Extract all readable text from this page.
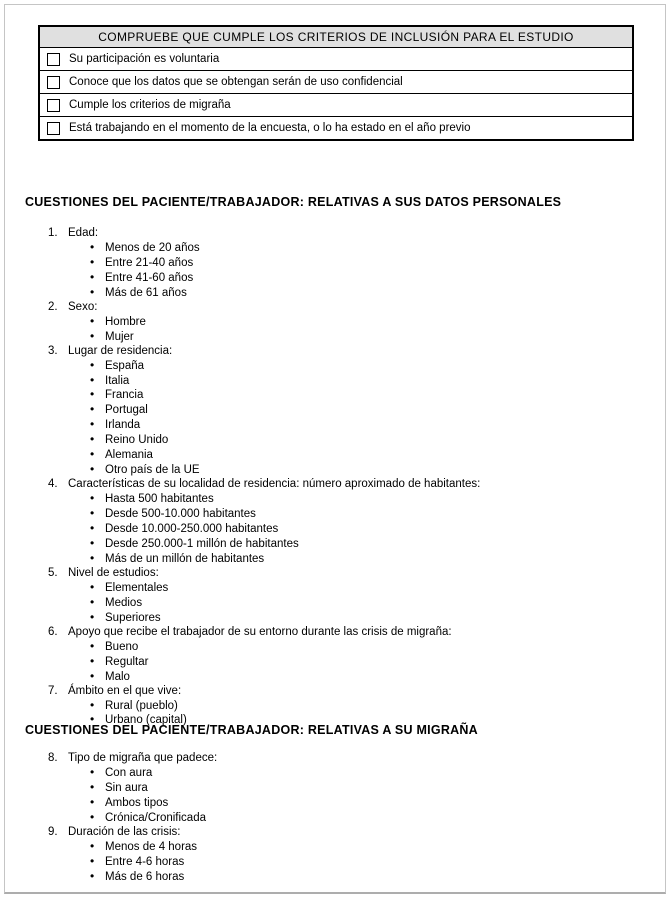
COMPRUEBE QUE CUMPLE LOS CRITERIOS DE INCLUSIÓN PARA EL ESTUDIO
Su participación es voluntaria
Conoce que los datos que se obtengan serán de uso confidencial
Cumple los criterios de migraña
Está trabajando en el momento de la encuesta, o lo ha estado en el año previo
CUESTIONES DEL PACIENTE/TRABAJADOR: RELATIVAS A SUS DATOS PERSONALES
1. Edad:
• Menos de 20 años
• Entre 21-40 años
• Entre 41-60 años
• Más de 61 años
2. Sexo:
• Hombre
• Mujer
3. Lugar de residencia:
• España
• Italia
• Francia
• Portugal
• Irlanda
• Reino Unido
• Alemania
• Otro país de la UE
4. Características de su localidad de residencia: número aproximado de habitantes:
• Hasta 500 habitantes
• Desde 500-10.000 habitantes
• Desde 10.000-250.000 habitantes
• Desde 250.000-1 millón de habitantes
• Más de un millón de habitantes
5. Nivel de estudios:
• Elementales
• Medios
• Superiores
6. Apoyo que recibe el trabajador de su entorno durante las crisis de migraña:
• Bueno
• Regultar
• Malo
7. Ámbito en el que vive:
• Rural (pueblo)
• Urbano (capital)
CUESTIONES DEL PACIENTE/TRABAJADOR: RELATIVAS A SU MIGRAÑA
8. Tipo de migraña que padece:
• Con aura
• Sin aura
• Ambos tipos
• Crónica/Cronificada
9. Duración de las crisis:
• Menos de 4 horas
• Entre 4-6 horas
• Más de 6 horas
